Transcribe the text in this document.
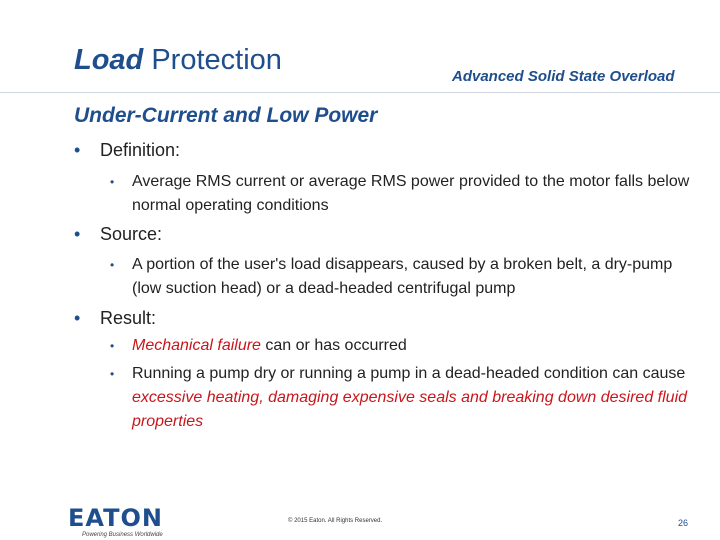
Load Protection
Advanced Solid State Overload
Under-Current and Low Power
• Definition:
• Average RMS current or average RMS power provided to the motor falls below normal operating conditions
• Source:
• A portion of the user's load disappears, caused by a broken belt, a dry-pump (low suction head) or a dead-headed centrifugal pump
• Result:
• Mechanical failure can or has occurred
• Running a pump dry or running a pump in a dead-headed condition can cause excessive heating, damaging expensive seals and breaking down desired fluid properties
EATON
Powering Business Worldwide
© 2015 Eaton. All Rights Reserved.	26
